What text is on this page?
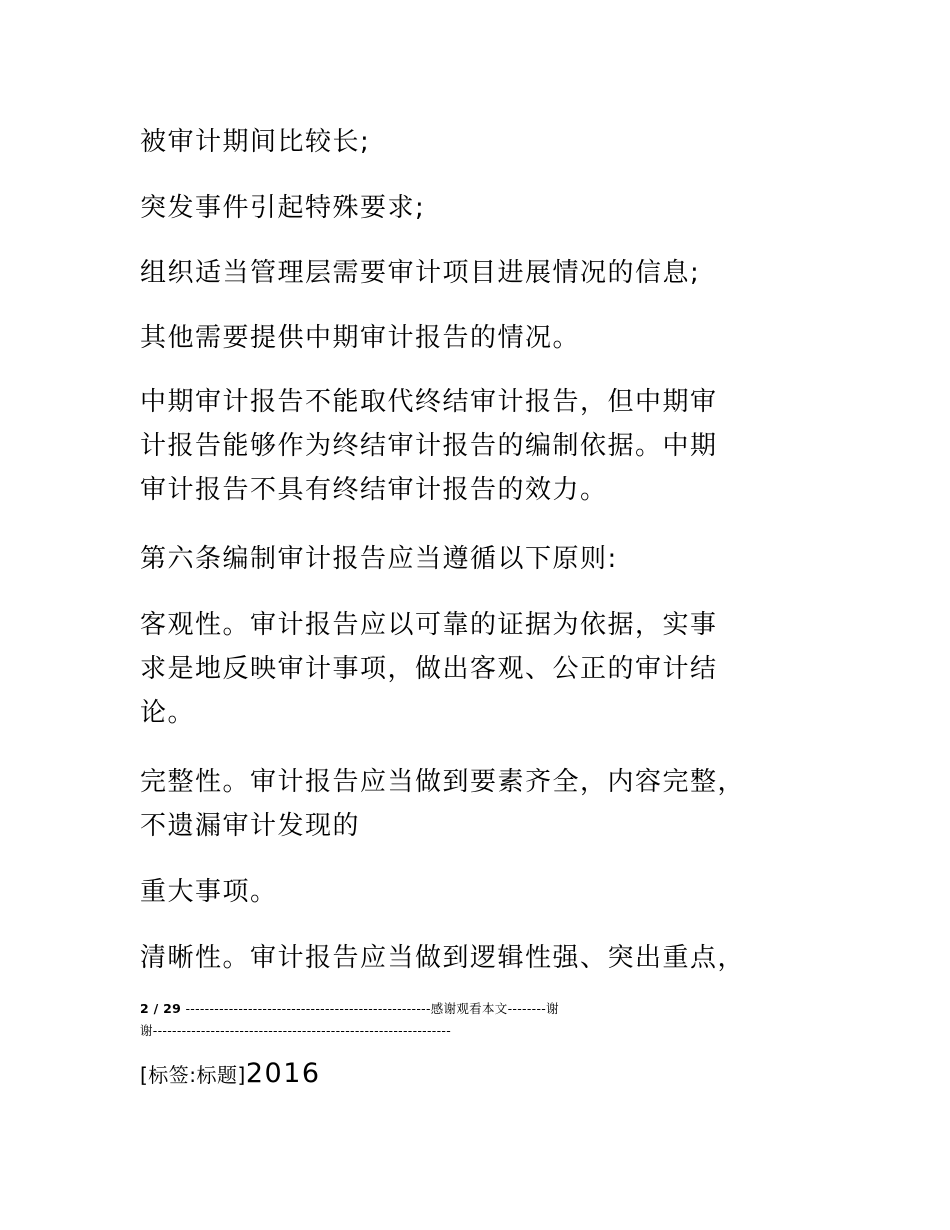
被审计期间比较长;

突发事件引起特殊要求;

组织适当管理层需要审计项目进展情况的信息;

其他需要提供中期审计报告的情况。

中期审计报告不能取代终结审计报告，但中期审
计报告能够作为终结审计报告的编制依据。中期
审计报告不具有终结审计报告的效力。

第六条编制审计报告应当遵循以下原则:

客观性。审计报告应以可靠的证据为依据，实事
求是地反映审计事项，做出客观、公正的审计结
论。

完整性。审计报告应当做到要素齐全，内容完整，
不遗漏审计发现的

重大事项。

清晰性。审计报告应当做到逻辑性强、突出重点，

2 / 29 ---------------------------------------------------感谢观看本文--------谢
谢--------------------------------------------------------------
[标签:标题]2016
